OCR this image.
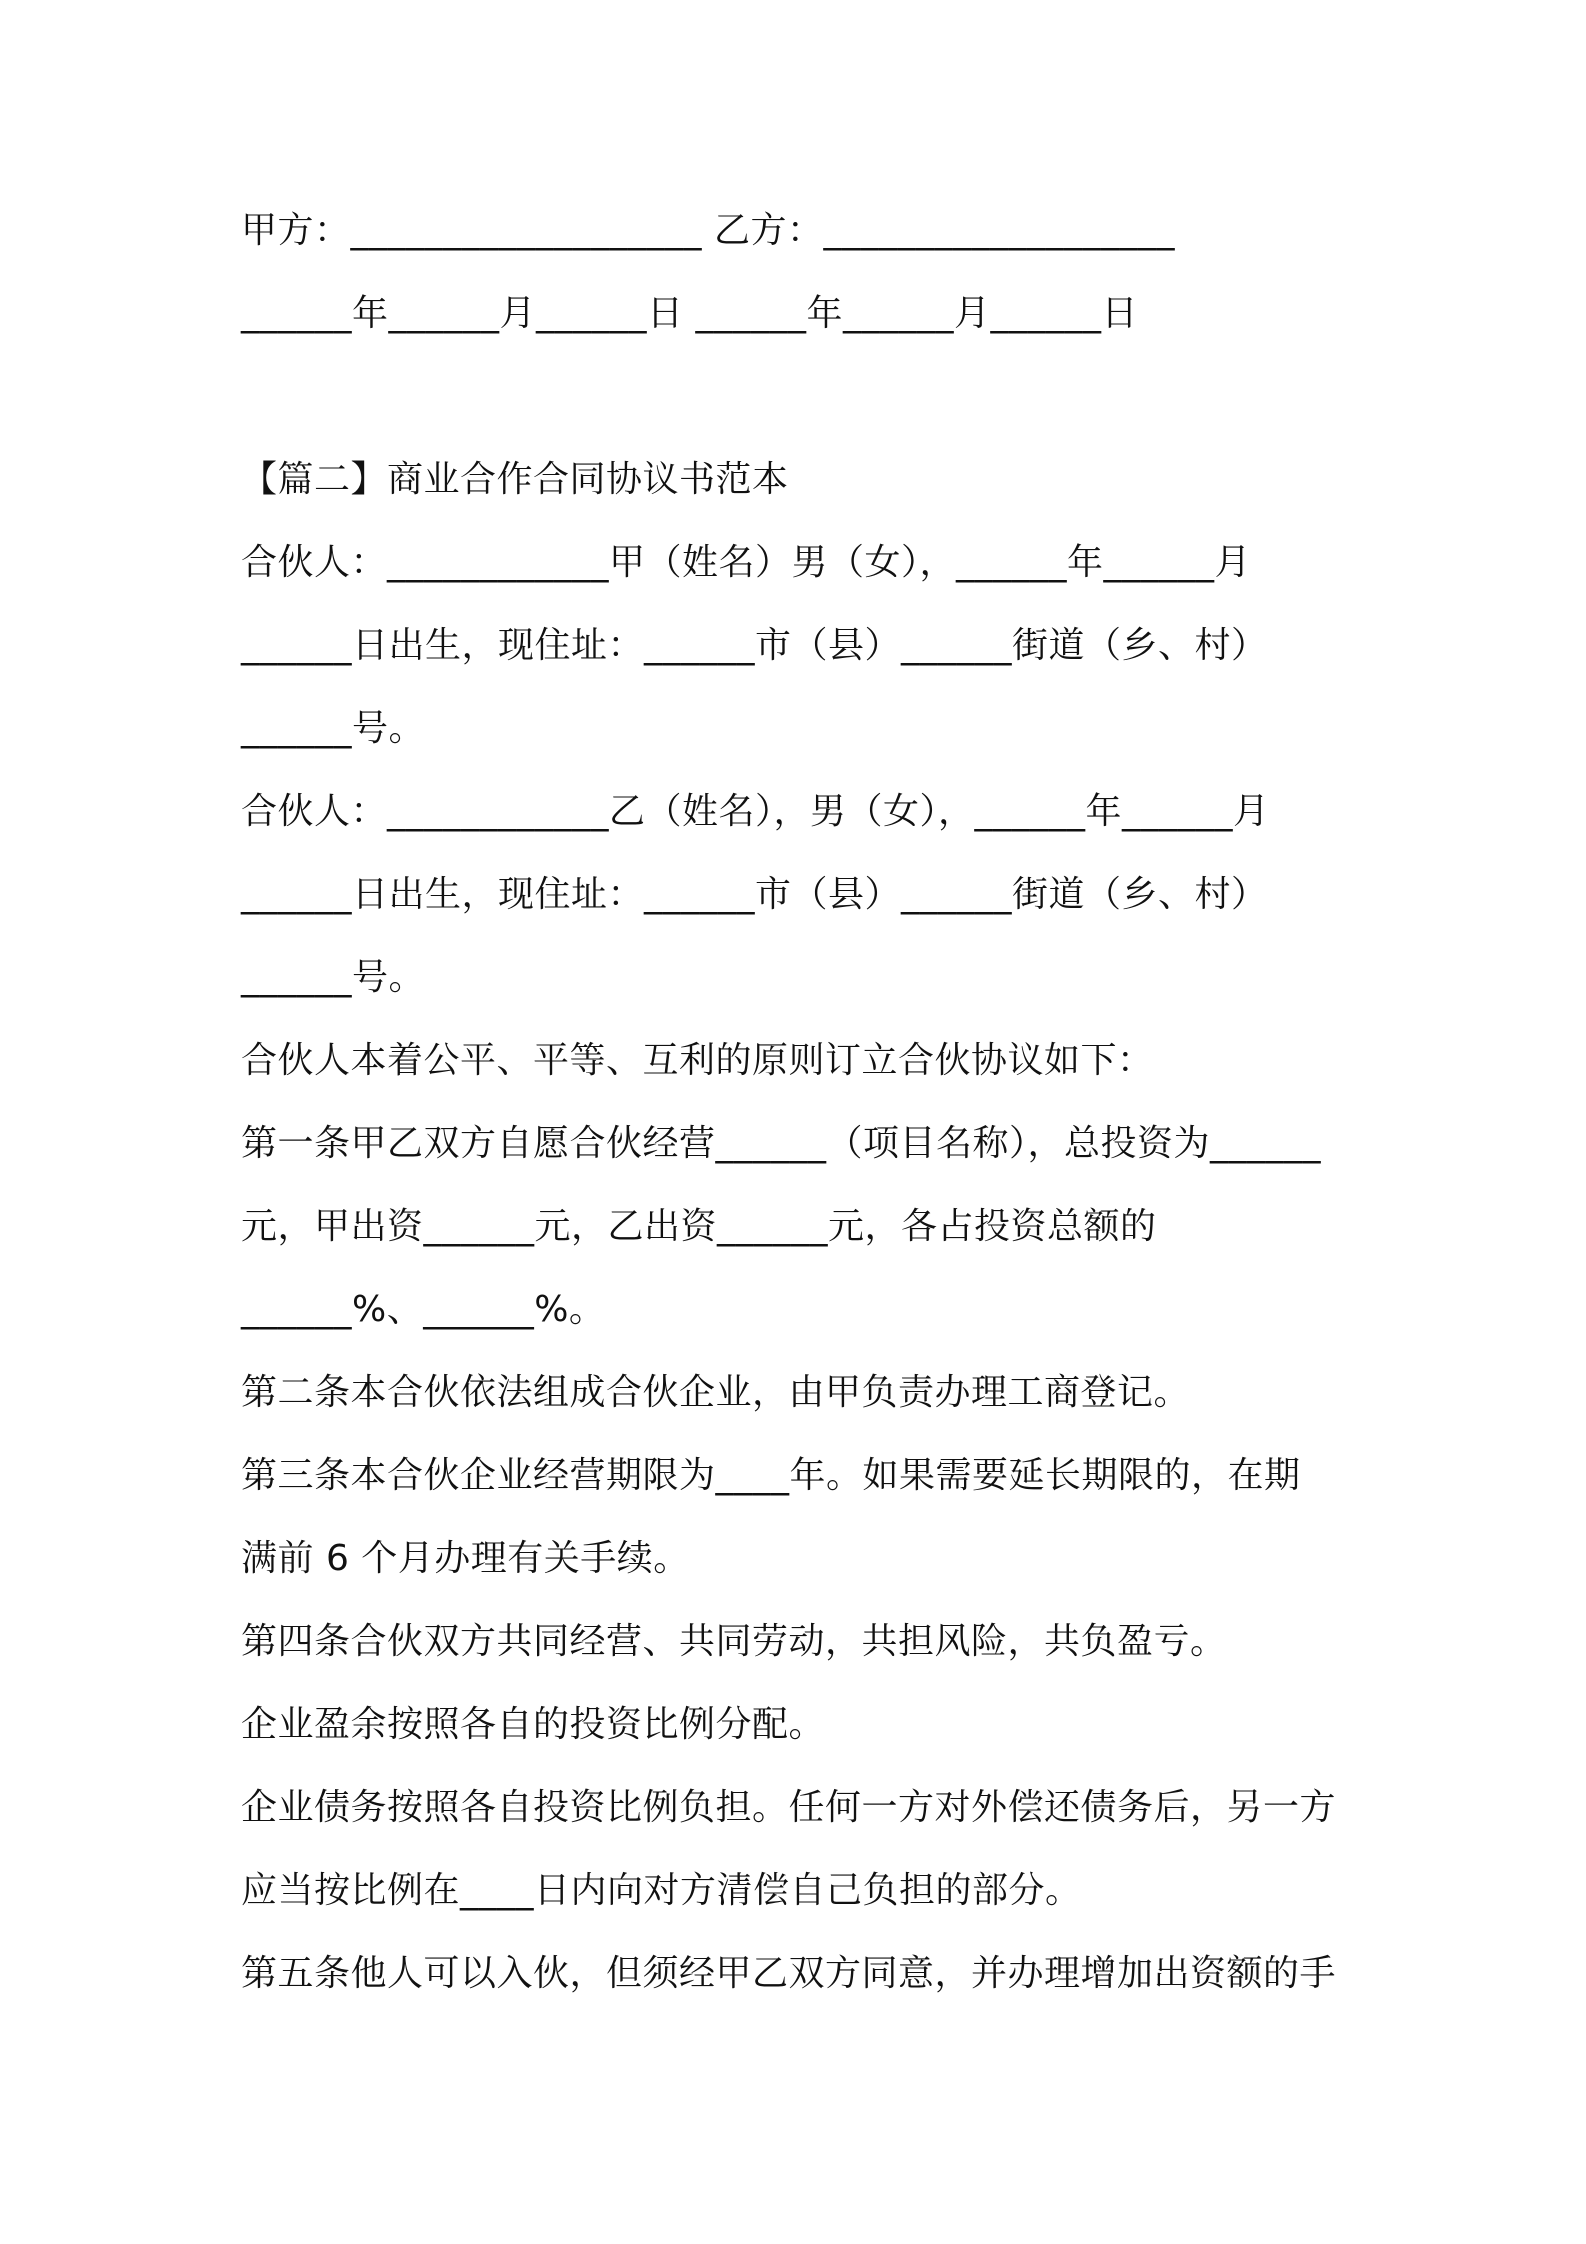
甲方：___________________ 乙方：___________________
______年______月______日 ______年______月______日
【篇二】商业合作合同协议书范本
合伙人：____________甲（姓名）男（女），______年______月
______日出生，现住址：______市（县）______街道（乡、村）
______号。
合伙人：____________乙（姓名），男（女），______年______月
______日出生，现住址：______市（县）______街道（乡、村）
______号。
合伙人本着公平、平等、互利的原则订立合伙协议如下：
第一条甲乙双方自愿合伙经营______（项目名称），总投资为______
元，甲出资______元，乙出资______元，各占投资总额的
______%、______%。
第二条本合伙依法组成合伙企业，由甲负责办理工商登记。
第三条本合伙企业经营期限为____年。如果需要延长期限的，在期
满前 6 个月办理有关手续。
第四条合伙双方共同经营、共同劳动，共担风险，共负盈亏。
企业盈余按照各自的投资比例分配。
企业债务按照各自投资比例负担。任何一方对外偿还债务后，另一方
应当按比例在____日内向对方清偿自己负担的部分。
第五条他人可以入伙，但须经甲乙双方同意，并办理增加出资额的手
